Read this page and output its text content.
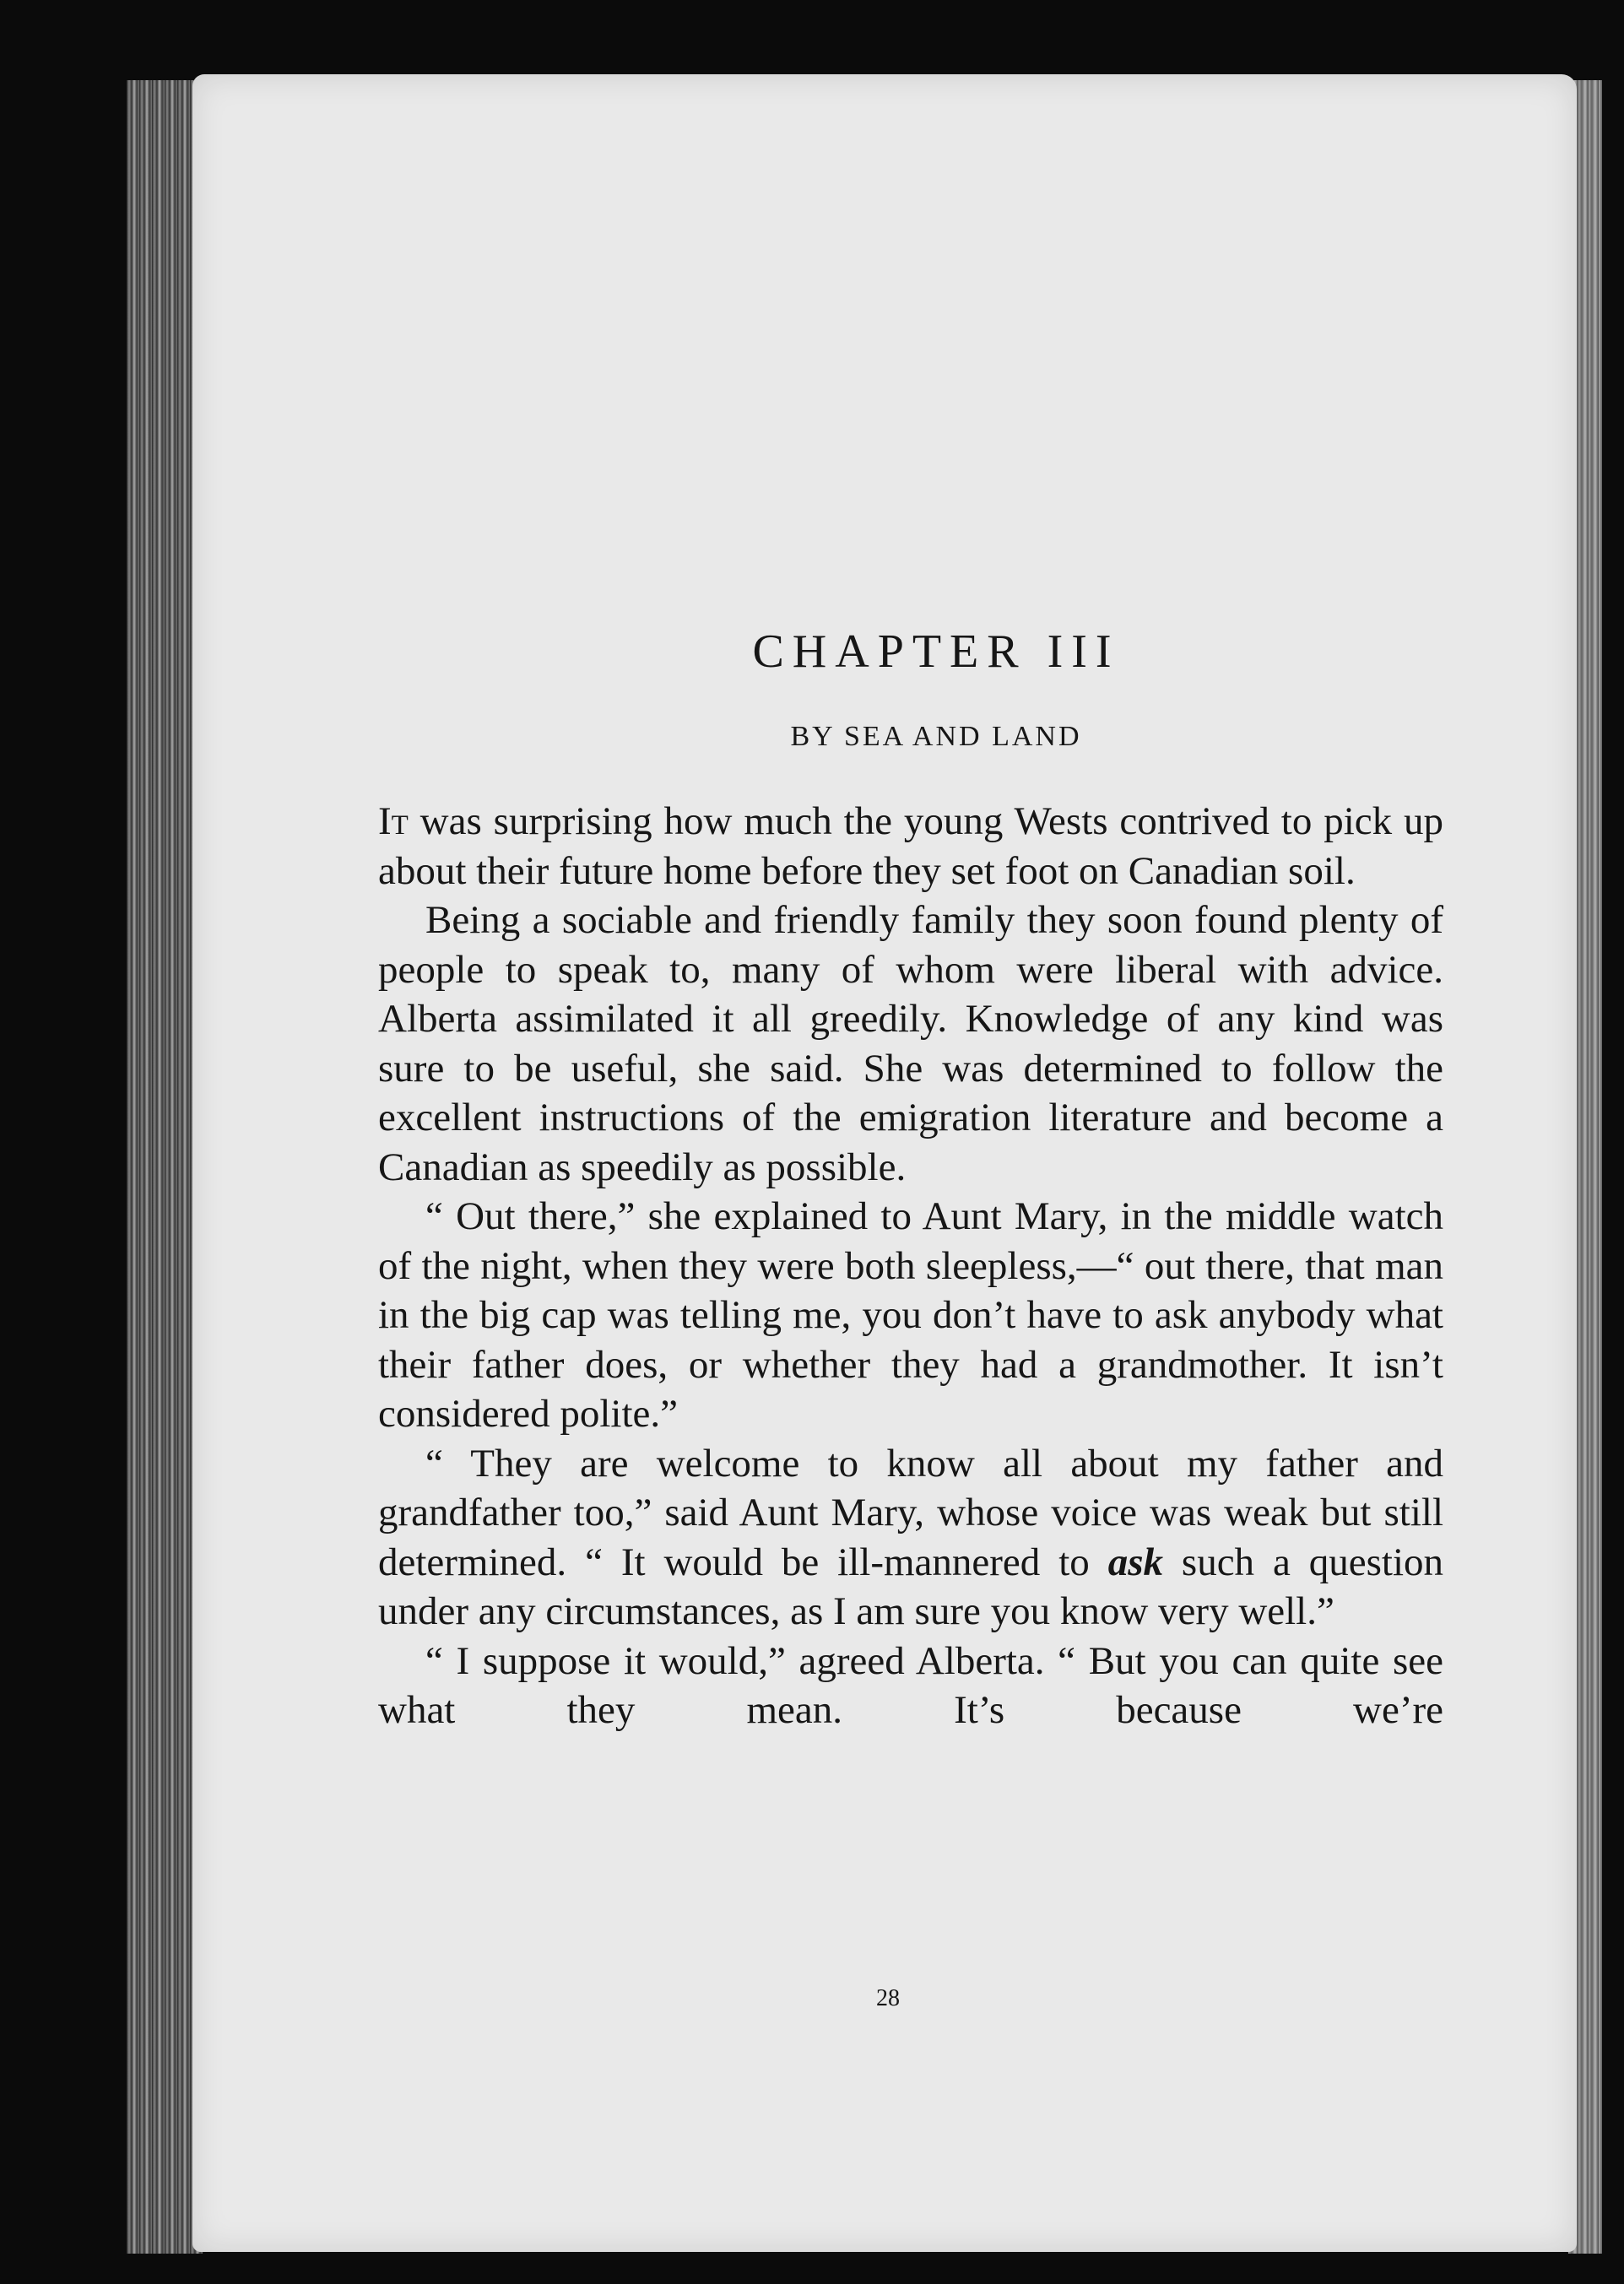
CHAPTER III
BY SEA AND LAND

It was surprising how much the young Wests contrived to pick up about their future home before they set foot on Canadian soil.

Being a sociable and friendly family they soon found plenty of people to speak to, many of whom were liberal with advice. Alberta assimilated it all greedily. Knowledge of any kind was sure to be useful, she said. She was determined to follow the excellent instructions of the emigration literature and become a Canadian as speedily as possible.

“ Out there,” she explained to Aunt Mary, in the middle watch of the night, when they were both sleepless,—“ out there, that man in the big cap was telling me, you don’t have to ask anybody what their father does, or whether they had a grandmother. It isn’t considered polite.”

“ They are welcome to know all about my father and grandfather too,” said Aunt Mary, whose voice was weak but still determined. “ It would be ill-mannered to ask such a question under any circumstances, as I am sure you know very well.”

“ I suppose it would,” agreed Alberta. “ But you can quite see what they mean. It’s because we’re

28
